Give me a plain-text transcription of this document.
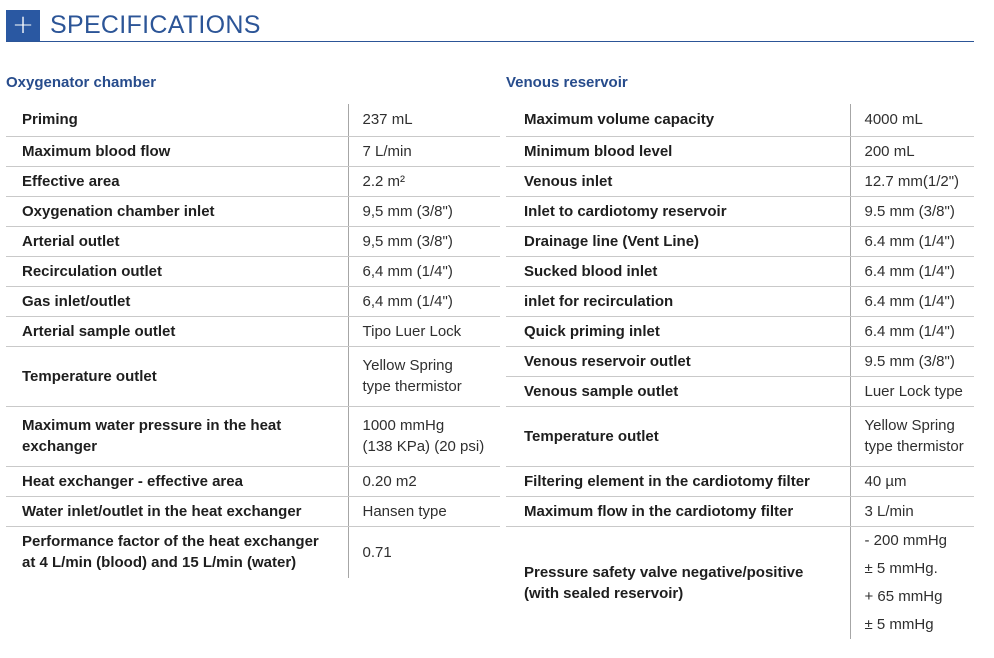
+ SPECIFICATIONS
Oxygenator chamber	Venous reservoir
Priming	237 mL

Maximum blood flow	7 L/min

Effective area	2.2 m²

Oxygenation chamber inlet	9,5 mm (3/8")

Arterial outlet	9,5 mm (3/8")

Recirculation outlet	6,4 mm (1/4")

Gas inlet/outlet	6,4 mm (1/4")

Arterial sample outlet	Tipo Luer Lock

Temperature outlet	Yellow Spring
type thermistor

Maximum water pressure in the heat
exchanger	1000 mmHg
(138 KPa) (20 psi)

Heat exchanger - effective area	0.20 m2

Water inlet/outlet in the heat exchanger	Hansen type

Performance factor of the heat exchanger
at 4 L/min (blood) and 15 L/min (water)	0.71
Maximum volume capacity	4000 mL

Minimum blood level	200 mL

Venous inlet	12.7 mm(1/2")

Inlet to cardiotomy reservoir	9.5 mm (3/8")

Drainage line (Vent Line)	6.4 mm (1/4")

Sucked blood inlet	6.4 mm (1/4")

inlet for recirculation	6.4 mm (1/4")

Quick priming inlet	6.4 mm (1/4")

Venous reservoir outlet	9.5 mm (3/8")

Venous sample outlet	Luer Lock type

Temperature outlet	Yellow Spring
type thermistor

Filtering element in the cardiotomy filter	40 µm

Maximum flow in the cardiotomy filter	3 L/min

Pressure safety valve negative/positive
(with sealed reservoir)	- 200 mmHg
± 5 mmHg.
+ 65 mmHg
± 5 mmHg
